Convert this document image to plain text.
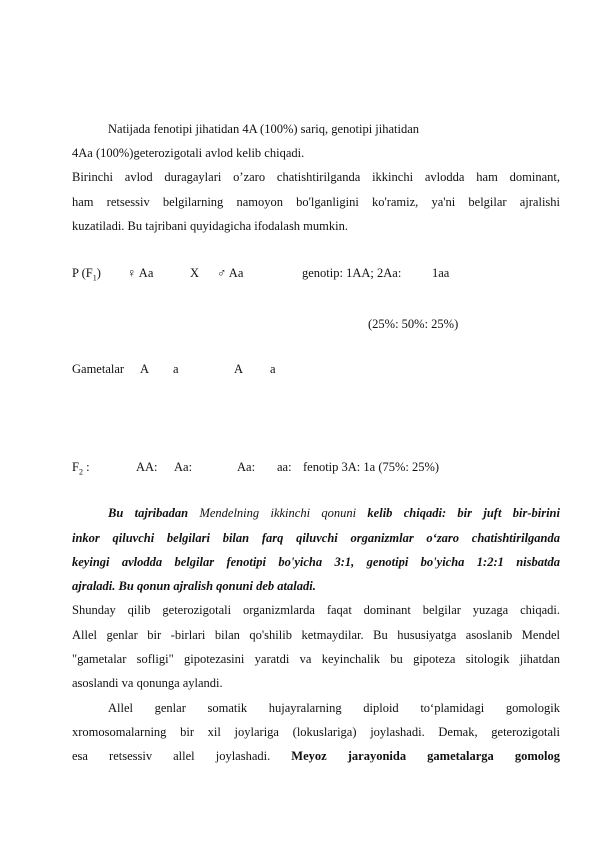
Natijada fenotipi jihatidan 4A (100%) sariq, genotipi jihatidan
4Aa (100%)geterozigotali avlod kelib chiqadi.
Birinchi avlod duragaylari o’zaro chatishtirilganda ikkinchi avlodda ham dominant,
ham retsessiv belgilarning namoyon bo'lganligini ko'ramiz, ya'ni belgilar ajralishi
kuzatiladi. Bu tajribani quyidagicha ifodalash mumkin.
P $(F_1)$ ♀ Aa	X ♂ Aa	genotip: 1AA; 2Aa: 1aa
(25%: 50%: 25%)
Gametalar A a	A a
$F_2$ :	AA: Aa:	Aa: aa: fenotip 3A: 1a (75%: 25%)
Bu tajribadan Mendelning ikkinchi qonuni kelib chiqadi: bir juft bir-birini
inkor qiluvchi belgilari bilan farq qiluvchi organizmlar o‘zaro chatishtirilganda
keyingi avlodda belgilar fenotipi bo'yicha 3:1, genotipi bo'yicha 1:2:1 nisbatda
ajraladi. Bu qonun ajralish qonuni deb ataladi.
Shunday qilib geterozigotali organizmlarda faqat dominant belgilar yuzaga chiqadi.
Allel genlar bir -birlari bilan qo'shilib ketmaydilar. Bu hususiyatga asoslanib Mendel
"gametalar sofligi" gipotezasini yaratdi va keyinchalik bu gipoteza sitologik jihatdan
asoslandi va qonunga aylandi.
Allel genlar somatik hujayralarning diploid to‘plamidagi gomologik
xromosomalarning bir xil joylariga (lokuslariga) joylashadi. Demak, geterozigotali
esa retsessiv allel joylashadi. Meyoz jarayonida gametalarga gomolog
